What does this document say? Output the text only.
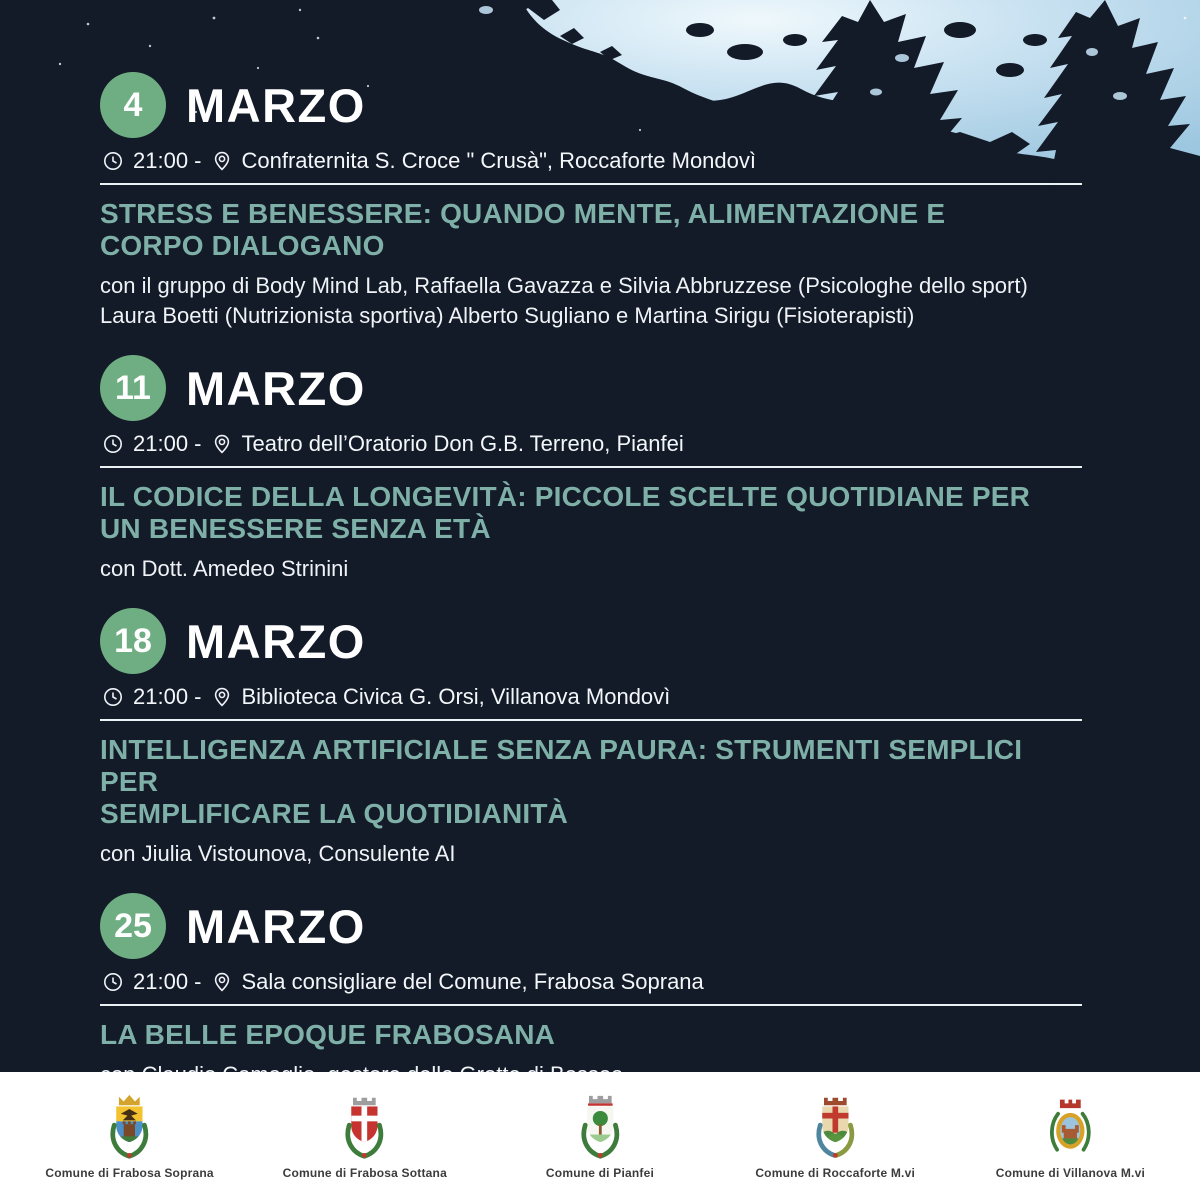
4 MARZO
21:00 - Confraternita S. Croce " Crusà", Roccaforte Mondovì
STRESS E BENESSERE: QUANDO MENTE, ALIMENTAZIONE E
CORPO DIALOGANO

con il gruppo di Body Mind Lab, Raffaella Gavazza e Silvia Abbruzzese (Psicologhe dello sport) Laura Boetti (Nutrizionista sportiva) Alberto Sugliano e Martina Sirigu (Fisioterapisti)

11 MARZO
21:00 - Teatro dell’Oratorio Don G.B. Terreno, Pianfei
IL CODICE DELLA LONGEVITÀ: PICCOLE SCELTE QUOTIDIANE PER
UN BENESSERE SENZA ETÀ

con Dott. Amedeo Strinini

18 MARZO
21:00 - Biblioteca Civica G. Orsi, Villanova Mondovì
INTELLIGENZA ARTIFICIALE SENZA PAURA: STRUMENTI SEMPLICI PER
SEMPLIFICARE LA QUOTIDIANITÀ

con Jiulia Vistounova, Consulente AI

25 MARZO
21:00 - Sala consigliare del Comune, Frabosa Soprana
LA BELLE EPOQUE FRABOSANA

Comune di Frabosa Soprana	Comune di Frabosa Sottana	Comune di Pianfei	Comune di Roccaforte M.vi	Comune di Villanova M.vi
